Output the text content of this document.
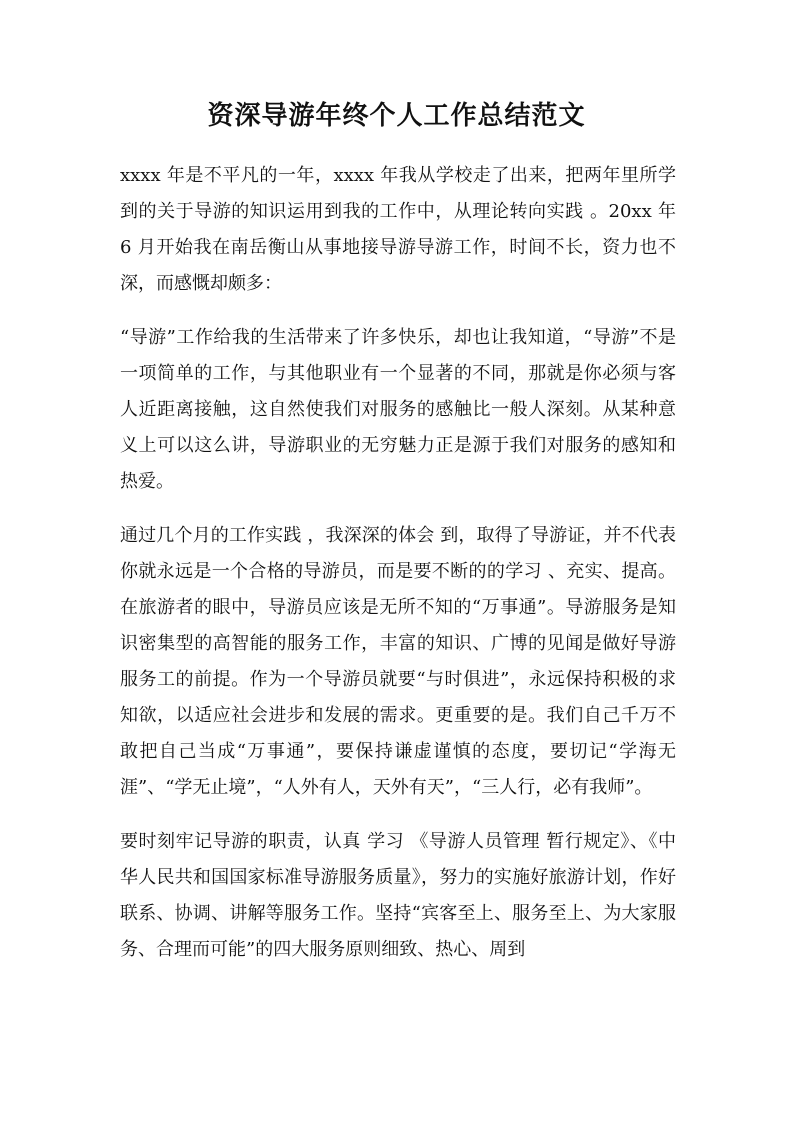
资深导游年终个人工作总结范文

xxxx 年是不平凡的一年，xxxx 年我从学校走了出来，把两年里所学到的关于导游的知识运用到我的工作中，从理论转向实践 。20xx 年 6 月开始我在南岳衡山从事地接导游导游工作，时间不长，资力也不深，而感慨却颇多：

“导游”工作给我的生活带来了许多快乐，却也让我知道，“导游”不是一项简单的工作，与其他职业有一个显著的不同，那就是你必须与客人近距离接触，这自然使我们对服务的感触比一般人深刻。从某种意义上可以这么讲，导游职业的无穷魅力正是源于我们对服务的感知和热爱。

通过几个月的工作实践 ，我深深的体会 到，取得了导游证，并不代表你就永远是一个合格的导游员，而是要不断的的学习 、充实、提高。在旅游者的眼中，导游员应该是无所不知的“万事通”。导游服务是知识密集型的高智能的服务工作，丰富的知识、广博的见闻是做好导游服务工的前提。作为一个导游员就要“与时俱进”，永远保持积极的求知欲，以适应社会进步和发展的需求。更重要的是。我们自己千万不敢把自己当成“万事通”，要保持谦虚谨慎的态度，要切记“学海无涯”、“学无止境”，“人外有人，天外有天”，“三人行，必有我师”。

要时刻牢记导游的职责，认真 学习 《导游人员管理 暂行规定》、《中华人民共和国国家标准导游服务质量》，努力的实施好旅游计划，作好联系、协调、讲解等服务工作。坚持“宾客至上、服务至上、为大家服务、合理而可能”的四大服务原则细致、热心、周到
